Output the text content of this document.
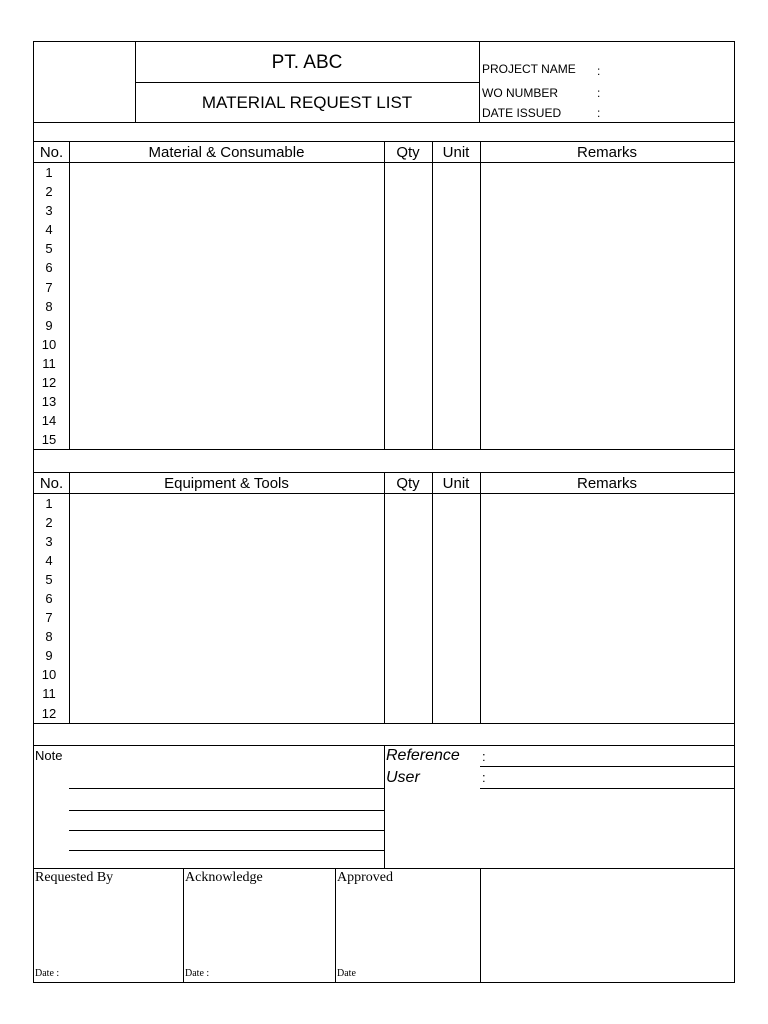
PT. ABC
MATERIAL REQUEST LIST
PROJECT NAME :
WO NUMBER	:
DATE ISSUED	:
No.	Material & Consumable	Qty	Unit	Remarks
1
2
3
4
5
6
7
8
9
10
11
12
13
14
15
No.	Equipment & Tools	Qty	Unit	Remarks
1
2
3
4
5
6
7
8
9
10
11
12
Note	Reference :
User	:
Requested By	Acknowledge	Approved
Date :	Date :	Date
